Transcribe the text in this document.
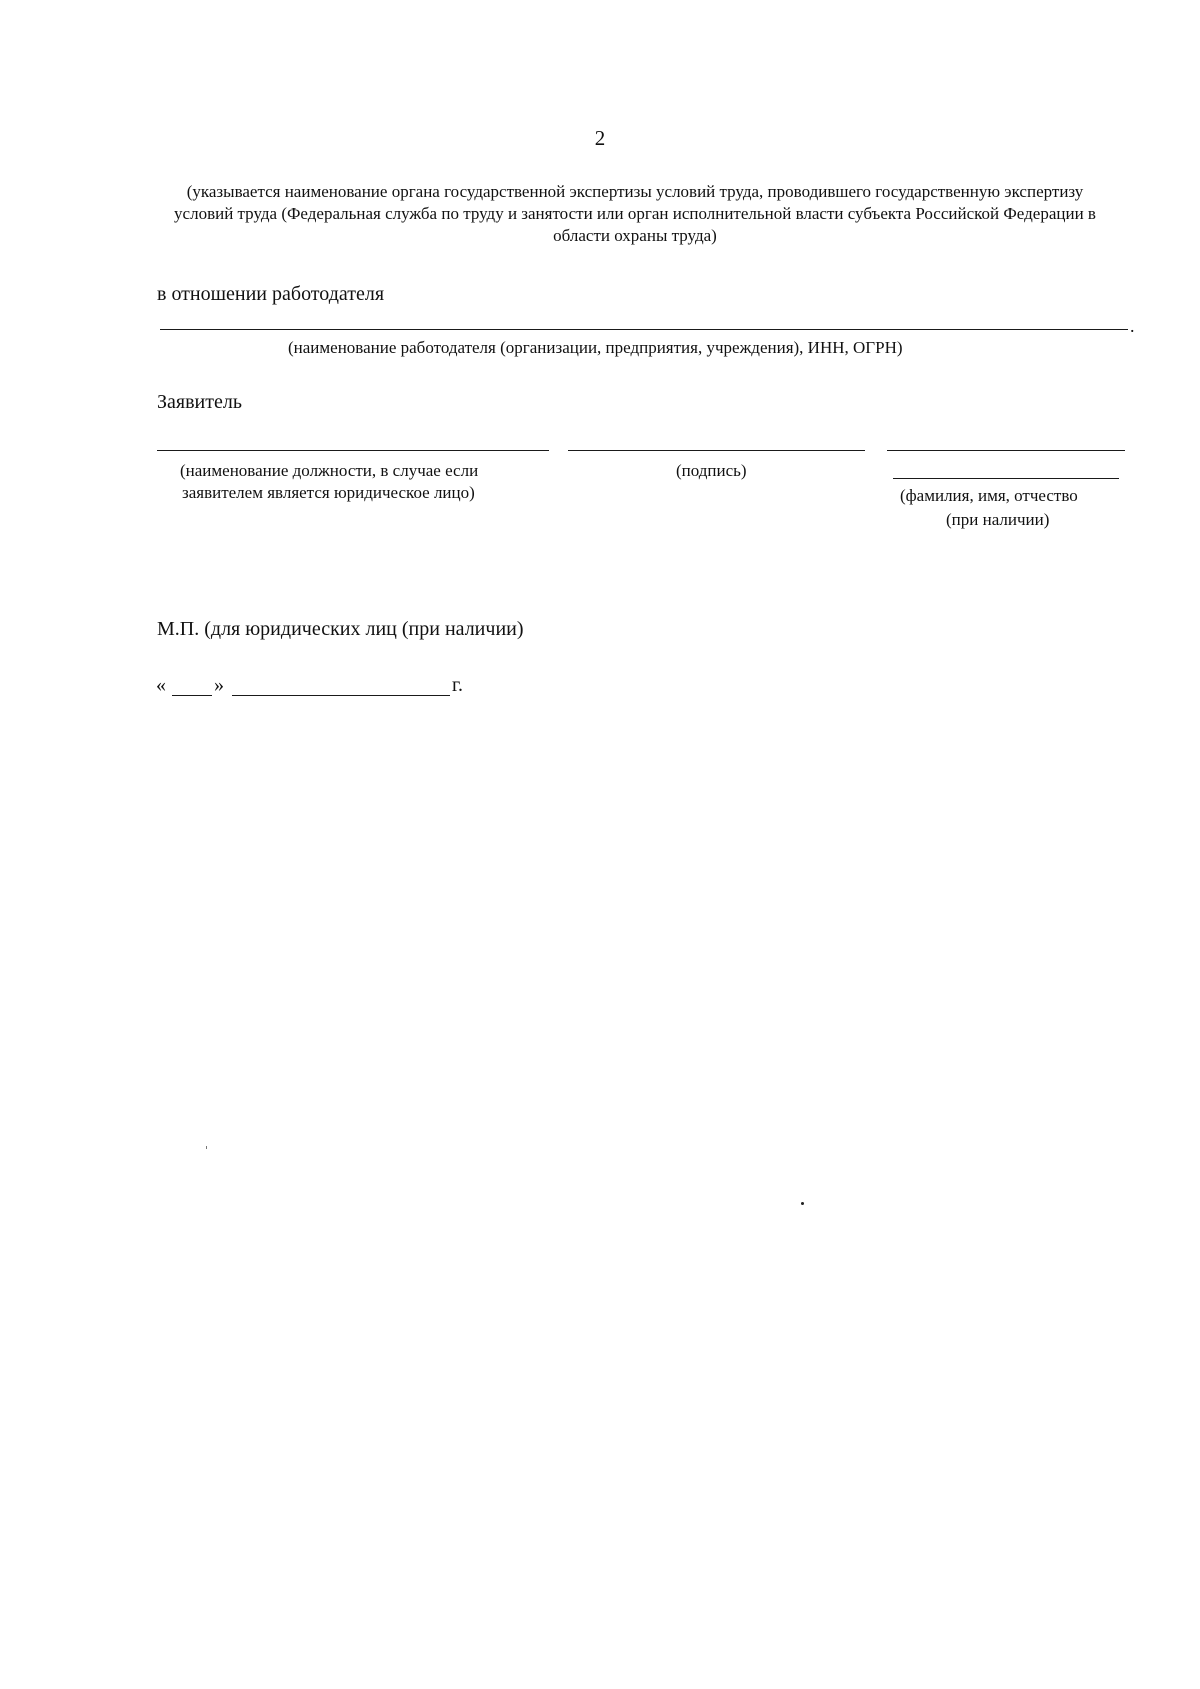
2
(указывается наименование органа государственной экспертизы условий труда, проводившего государственную экспертизу условий труда (Федеральная служба по труду и занятости или орган исполнительной власти субъекта Российской Федерации в области охраны труда)
в отношении работодателя
.
(наименование работодателя (организации, предприятия, учреждения), ИНН, ОГРН)
Заявитель
(наименование должности, в случае если
заявителем является юридическое лицо)
(подпись)
(фамилия, имя, отчество
(при наличии)
М.П. (для юридических лиц (при наличии)
« »	г.
